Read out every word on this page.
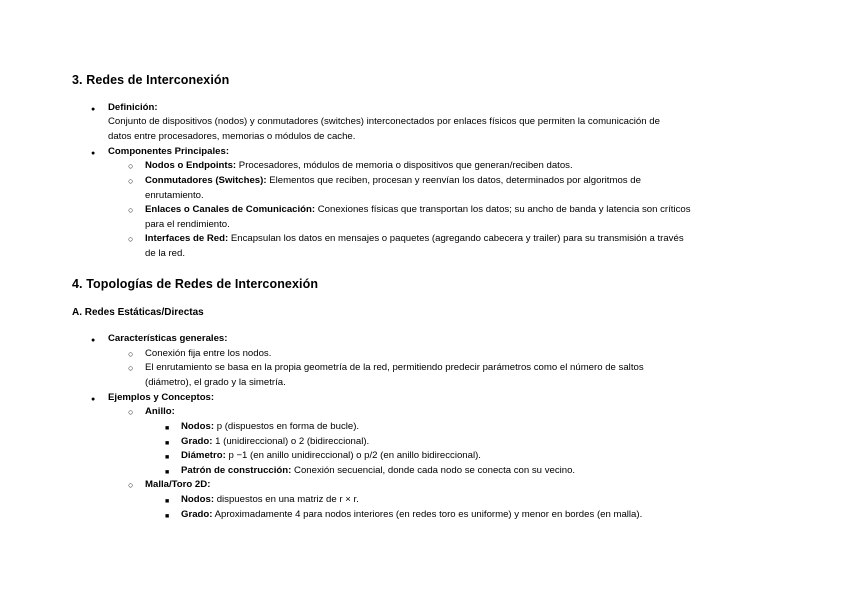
3. Redes de Interconexión
●

Definición:

Conjunto de dispositivos (nodos) y conmutadores (switches) interconectados por enlaces físicos que permiten la comunicación de

datos entre procesadores, memorias o módulos de cache.

●

Componentes Principales:

○

Nodos o Endpoints: Procesadores, módulos de memoria o dispositivos que generan/reciben datos.

○

Conmutadores (Switches): Elementos que reciben, procesan y reenvían los datos, determinados por algoritmos de

enrutamiento.

○

Enlaces o Canales de Comunicación: Conexiones físicas que transportan los datos; su ancho de banda y latencia son críticos

para el rendimiento.

○

Interfaces de Red: Encapsulan los datos en mensajes o paquetes (agregando cabecera y trailer) para su transmisión a través

de la red.

4. Topologías de Redes de Interconexión
A. Redes Estáticas/Directas
●

Características generales:

○

Conexión fija entre los nodos.

○

El enrutamiento se basa en la propia geometría de la red, permitiendo predecir parámetros como el número de saltos

(diámetro), el grado y la simetría.

●

Ejemplos y Conceptos:

○

Anillo:

■

Nodos: p (dispuestos en forma de bucle).

■

Grado: 1 (unidireccional) o 2 (bidireccional).

■

Diámetro: p −1 (en anillo unidireccional) o p/2 (en anillo bidireccional).

■

Patrón de construcción: Conexión secuencial, donde cada nodo se conecta con su vecino.

○

Malla/Toro 2D:

■

Nodos: dispuestos en una matriz de r × r.

■

Grado: Aproximadamente 4 para nodos interiores (en redes toro es uniforme) y menor en bordes (en malla).
